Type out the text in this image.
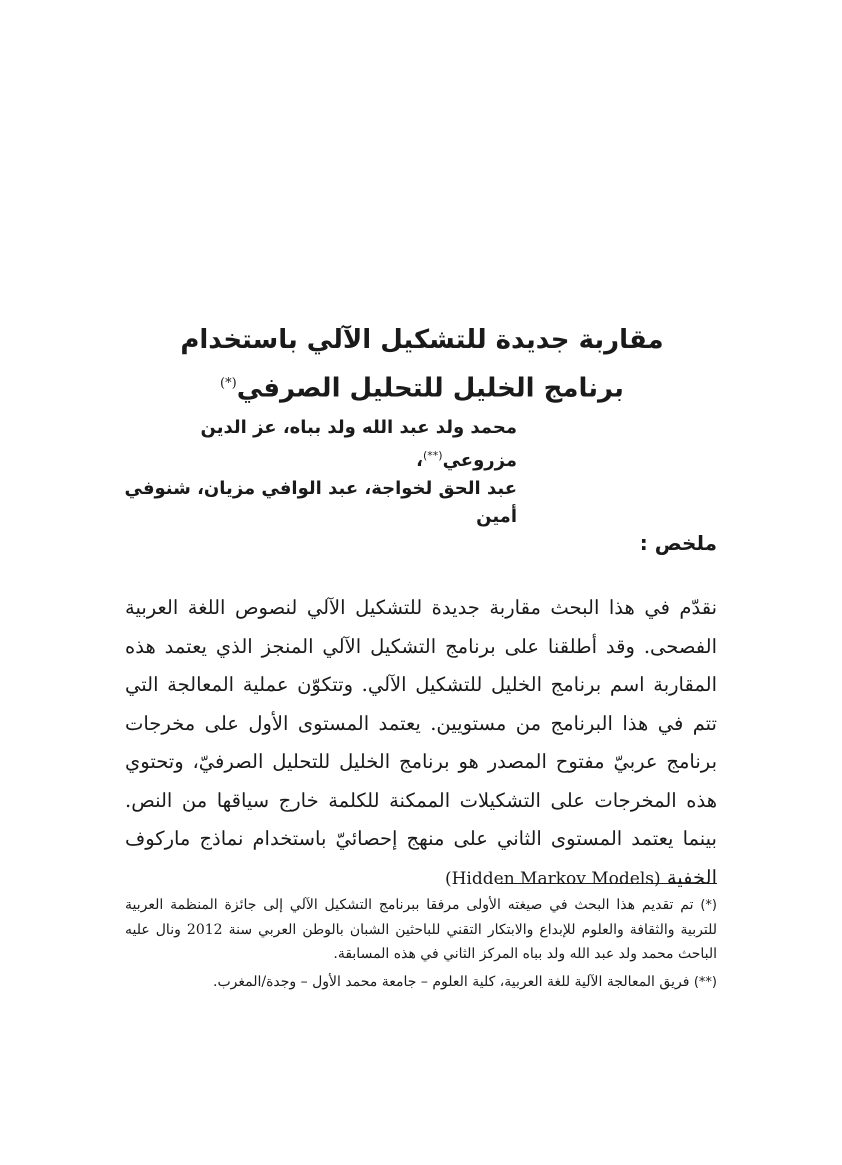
مقاربة جديدة للتشكيل الآلي باستخدام

برنامج الخليل للتحليل الصرفي(*)

محمد ولد عبد الله ولد بباه، عز الدين مزروعي(**)،
عبد الحق لخواجة، عبد الوافي مزيان، شنوفي أمين
ملخص :

نقدّم في هذا البحث مقاربة جديدة للتشكيل الآلي لنصوص اللغة العربية الفصحى. وقد أطلقنا على برنامج التشكيل الآلي المنجز الذي يعتمد هذه المقاربة اسم برنامج الخليل للتشكيل الآلي. وتتكوّن عملية المعالجة التي تتم في هذا البرنامج من مستويين. يعتمد المستوى الأول على مخرجات برنامج عربيّ مفتوح المصدر هو برنامج الخليل للتحليل الصرفيّ، وتحتوي هذه المخرجات على التشكيلات الممكنة للكلمة خارج سياقها من النص. بينما يعتمد المستوى الثاني على منهج إحصائيّ باستخدام نماذج ماركوف الخفية (Hidden Markov Models)

(*) تم تقديم هذا البحث في صيغته الأولى مرفقا ببرنامج التشكيل الآلي إلى جائزة المنظمة العربية للتربية والثقافة والعلوم للإبداع والابتكار التقني للباحثين الشبان بالوطن العربي سنة 2012 ونال عليه الباحث محمد ولد عبد الله ولد بباه المركز الثاني في هذه المسابقة.

(**) فريق المعالجة الآلية للغة العربية، كلية العلوم – جامعة محمد الأول – وجدة/المغرب.
